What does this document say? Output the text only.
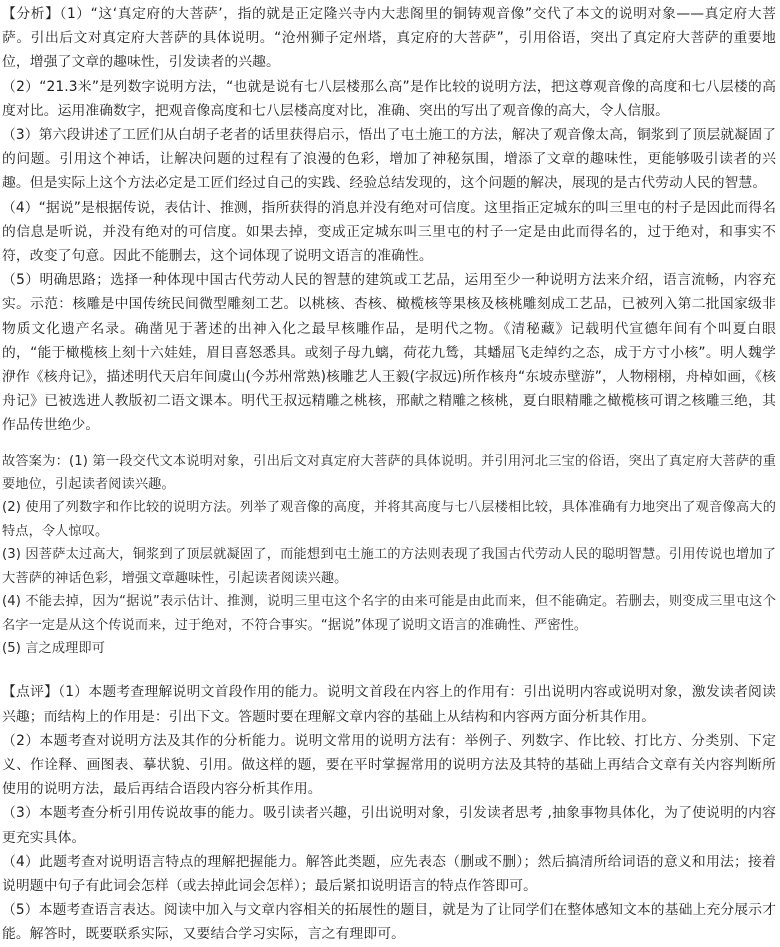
【分析】（1）“这‘真定府的大菩萨’，指的就是正定隆兴寺内大悲阁里的铜铸观音像”交代了本文的说明对象——真定府大菩萨。引出后文对真定府大菩萨的具体说明。“沧州狮子定州塔，真定府的大菩萨”，引用俗语，突出了真定府大菩萨的重要地位，增强了文章的趣味性，引发读者的兴趣。

（2）“21.3米”是列数字说明方法，“也就是说有七八层楼那么高”是作比较的说明方法，把这尊观音像的高度和七八层楼的高度对比。运用准确数字，把观音像高度和七八层楼高度对比，准确、突出的写出了观音像的高大，令人信服。

（3）第六段讲述了工匠们从白胡子老者的话里获得启示，悟出了屯土施工的方法，解决了观音像太高，铜浆到了顶层就凝固了的问题。引用这个神话，让解决问题的过程有了浪漫的色彩，增加了神秘氛围，增添了文章的趣味性，更能够吸引读者的兴趣。但是实际上这个方法必定是工匠们经过自己的实践、经验总结发现的，这个问题的解决，展现的是古代劳动人民的智慧。

（4）“据说”是根据传说，表估计、推测，指所获得的消息并没有绝对可信度。这里指正定城东的叫三里屯的村子是因此而得名的信息是听说，并没有绝对的可信度。如果去掉，变成正定城东叫三里屯的村子一定是由此而得名的，过于绝对，和事实不符，改变了句意。因此不能删去，这个词体现了说明文语言的准确性。

（5）明确思路；选择一种体现中国古代劳动人民的智慧的建筑或工艺品，运用至少一种说明方法来介绍，语言流畅，内容充实。示范：核雕是中国传统民间微型雕刻工艺。以桃核、杏核、橄榄核等果核及核桃雕刻成工艺品，已被列入第二批国家级非物质文化遗产名录。确凿见于著述的出神入化之最早核雕作品，是明代之物。《清秘藏》记载明代宣德年间有个叫夏白眼的，“能于橄榄核上刻十六娃娃，眉目喜怒悉具。或刻子母九螭，荷花九鸶，其蟠屈飞走绰约之态，成于方寸小核”。明人魏学洢作《核舟记》，描述明代天启年间虞山(今苏州常熟)核雕艺人王毅(字叔远)所作核舟“东坡赤壁游”，人物栩栩，舟棹如画，《核舟记》已被选进人教版初二语文课本。明代王叔远精雕之桃核，邢献之精雕之核桃，夏白眼精雕之橄榄核可谓之核雕三绝，其作品传世绝少。

故答案为：(1) 第一段交代文本说明对象，引出后文对真定府大菩萨的具体说明。并引用河北三宝的俗语，突出了真定府大菩萨的重要地位，引起读者阅读兴趣。

(2) 使用了列数字和作比较的说明方法。列举了观音像的高度，并将其高度与七八层楼相比较，具体准确有力地突出了观音像高大的特点，令人惊叹。

(3) 因菩萨太过高大，铜浆到了顶层就凝固了，而能想到屯土施工的方法则表现了我国古代劳动人民的聪明智慧。引用传说也增加了大菩萨的神话色彩，增强文章趣味性，引起读者阅读兴趣。

(4) 不能去掉，因为“据说”表示估计、推测，说明三里屯这个名字的由来可能是由此而来，但不能确定。若删去，则变成三里屯这个名字一定是从这个传说而来，过于绝对，不符合事实。“据说”体现了说明文语言的准确性、严密性。

(5) 言之成理即可

【点评】（1）本题考查理解说明文首段作用的能力。说明文首段在内容上的作用有：引出说明内容或说明对象，激发读者阅读兴趣；而结构上的作用是：引出下文。答题时要在理解文章内容的基础上从结构和内容两方面分析其作用。

（2）本题考查对说明方法及其作的分析能力。说明文常用的说明方法有：举例子、列数字、作比较、打比方、分类别、下定义、作诠释、画图表、摹状貌、引用。做这样的题，要在平时掌握常用的说明方法及其特的基础上再结合文章有关内容判断所使用的说明方法，最后再结合语段内容分析其作用。

（3）本题考查分析引用传说故事的能力。吸引读者兴趣，引出说明对象，引发读者思考 ,抽象事物具体化，为了使说明的内容更充实具体。

（4）此题考查对说明语言特点的理解把握能力。解答此类题，应先表态（删或不删）；然后搞清所给词语的意义和用法；接着说明题中句子有此词会怎样（或去掉此词会怎样）；最后紧扣说明语言的特点作答即可。

（5）本题考查语言表达。阅读中加入与文章内容相关的拓展性的题目，就是为了让同学们在整体感知文本的基础上充分展示才能。解答时，既要联系实际，又要结合学习实际，言之有理即可。
